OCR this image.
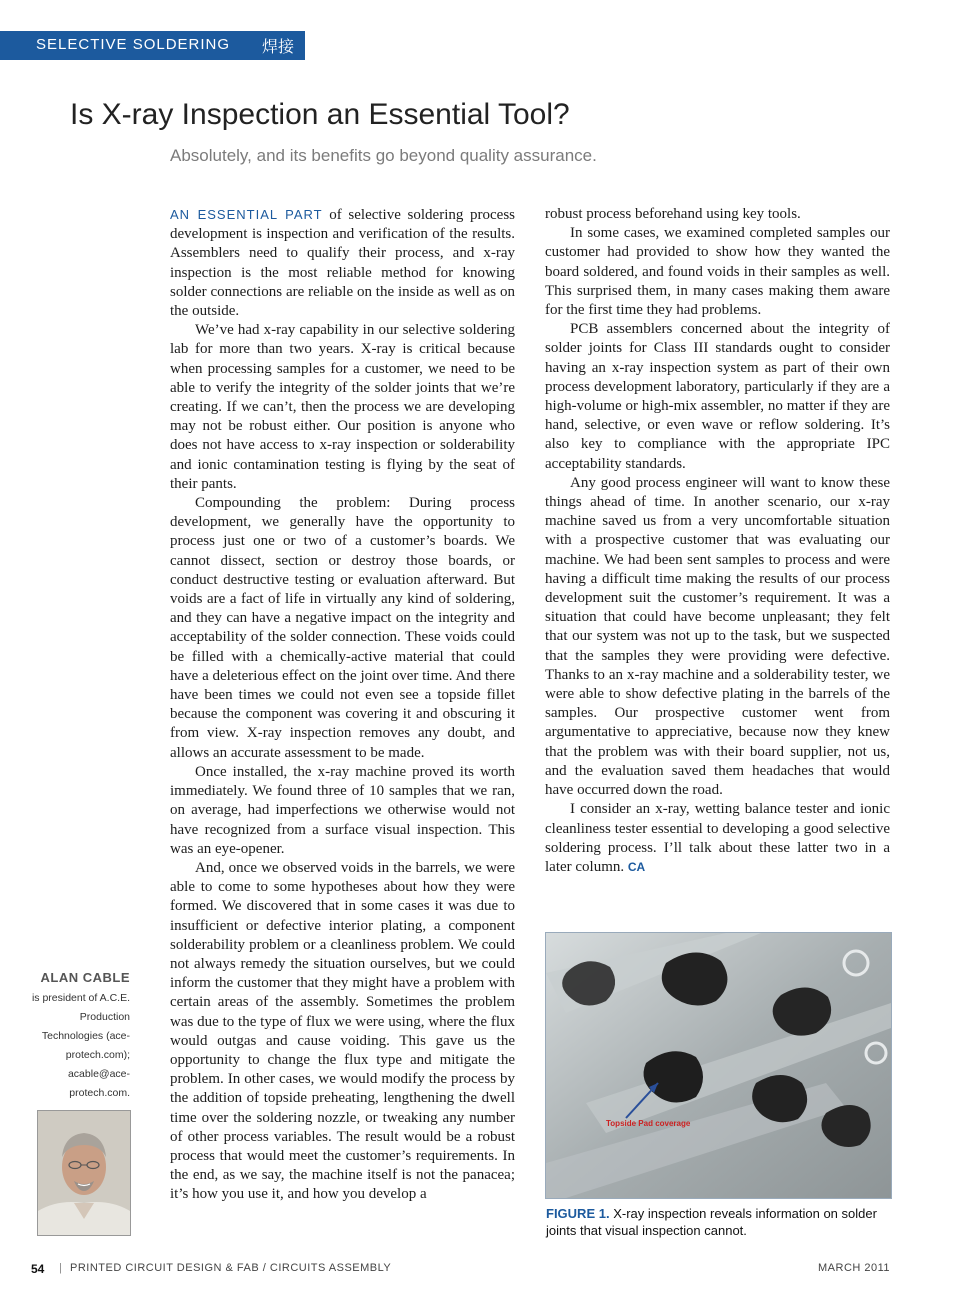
SELECTIVE SOLDERING 焊接
Is X-ray Inspection an Essential Tool?
Absolutely, and its benefits go beyond quality assurance.

AN ESSENTIAL PART of selective soldering process development is inspection and verification of the results. Assemblers need to qualify their process, and x-ray inspection is the most reliable method for knowing solder connections are reliable on the inside as well as on the outside.

We’ve had x-ray capability in our selective soldering lab for more than two years. X-ray is critical because when processing samples for a customer, we need to be able to verify the integrity of the solder joints that we’re creating. If we can’t, then the process we are developing may not be robust either. Our position is anyone who does not have access to x-ray inspection or solderability and ionic contamination testing is flying by the seat of their pants.

Compounding the problem: During process development, we generally have the opportunity to process just one or two of a customer’s boards. We cannot dissect, section or destroy those boards, or conduct destructive testing or evaluation afterward. But voids are a fact of life in virtually any kind of soldering, and they can have a negative impact on the integrity and acceptability of the solder connection. These voids could be filled with a chemically-active material that could have a deleterious effect on the joint over time. And there have been times we could not even see a topside fillet because the component was covering it and obscuring it from view. X-ray inspection removes any doubt, and allows an accurate assessment to be made.

Once installed, the x-ray machine proved its worth immediately. We found three of 10 samples that we ran, on average, had imperfections we otherwise would not have recognized from a surface visual inspection. This was an eye-opener.

And, once we observed voids in the barrels, we were able to come to some hypotheses about how they were formed. We discovered that in some cases it was due to insufficient or defective interior plating, a component solderability problem or a cleanliness problem. We could not always remedy the situation ourselves, but we could inform the customer that they might have a problem with certain areas of the assembly. Sometimes the problem was due to the type of flux we were using, where the flux would outgas and cause voiding. This gave us the opportunity to change the flux type and mitigate the problem. In other cases, we would modify the process by the addition of topside preheating, lengthening the dwell time over the soldering nozzle, or tweaking any number of other process variables. The result would be a robust process that would meet the customer’s requirements. In the end, as we say, the machine itself is not the panacea; it’s how you use it, and how you develop a

robust process beforehand using key tools.

In some cases, we examined completed samples our customer had provided to show how they wanted the board soldered, and found voids in their samples as well. This surprised them, in many cases making them aware for the first time they had problems.

PCB assemblers concerned about the integrity of solder joints for Class III standards ought to consider having an x-ray inspection system as part of their own process development laboratory, particularly if they are a high-volume or high-mix assembler, no matter if they are hand, selective, or even wave or reflow soldering. It’s also key to compliance with the appropriate IPC acceptability standards.

Any good process engineer will want to know these things ahead of time. In another scenario, our x-ray machine saved us from a very uncomfortable situation with a prospective customer that was evaluating our machine. We had been sent samples to process and were having a difficult time making the results of our process development suit the customer’s requirement. It was a situation that could have become unpleasant; they felt that our system was not up to the task, but we suspected that the samples they were providing were defective. Thanks to an x-ray machine and a solderability tester, we were able to show defective plating in the barrels of the samples. Our prospective customer went from argumentative to appreciative, because now they knew that the problem was with their board supplier, not us, and the evaluation saved them headaches that would have occurred down the road.

I consider an x-ray, wetting balance tester and ionic cleanliness tester essential to developing a good selective soldering process. I’ll talk about these latter two in a later column. CA

ALAN CABLE
is president of A.C.E. Production Technologies (ace-protech.com); acable@ace-protech.com.
Topside Pad coverage
FIGURE 1. X-ray inspection reveals information on solder joints that visual inspection cannot.
54 | PRINTED CIRCUIT DESIGN & FAB / CIRCUITS ASSEMBLY	MARCH 2011
